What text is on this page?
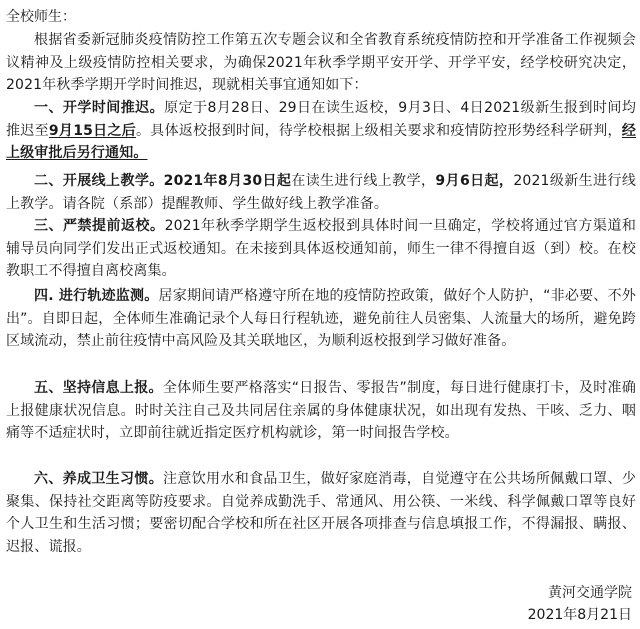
全校师生：
根据省委新冠肺炎疫情防控工作第五次专题会议和全省教育系统疫情防控和开学准备工作视频会议精神及上级疫情防控相关要求，为确保2021年秋季学期平安开学、开学平安，经学校研究决定，2021年秋季学期开学时间推迟，现就相关事宜通知如下：
一、开学时间推迟。原定于8月28日、29日在读生返校，9月3日、4日2021级新生报到时间均推迟至9月15日之后。具体返校报到时间，待学校根据上级相关要求和疫情防控形势经科学研判，经上级审批后另行通知。
二、开展线上教学。2021年8月30日起在读生进行线上教学，9月6日起，2021级新生进行线上教学。请各院（系部）提醒教师、学生做好线上教学准备。
三、严禁提前返校。2021年秋季学期学生返校报到具体时间一旦确定，学校将通过官方渠道和辅导员向同学们发出正式返校通知。在未接到具体返校通知前，师生一律不得擅自返（到）校。在校教职工不得擅自离校离集。
四. 进行轨迹监测。居家期间请严格遵守所在地的疫情防控政策，做好个人防护，“非必要、不外出”。自即日起，全体师生准确记录个人每日行程轨迹，避免前往人员密集、人流量大的场所，避免跨区域流动，禁止前往疫情中高风险及其关联地区，为顺利返校报到学习做好准备。
五、坚持信息上报。全体师生要严格落实“日报告、零报告”制度，每日进行健康打卡，及时准确上报健康状况信息。时时关注自己及共同居住亲属的身体健康状况，如出现有发热、干咳、乏力、咽痛等不适症状时，立即前往就近指定医疗机构就诊，第一时间报告学校。
六、养成卫生习惯。注意饮用水和食品卫生，做好家庭消毒，自觉遵守在公共场所佩戴口罩、少聚集、保持社交距离等防疫要求。自觉养成勤洗手、常通风、用公筷、一米线、科学佩戴口罩等良好个人卫生和生活习惯；要密切配合学校和所在社区开展各项排查与信息填报工作，不得漏报、瞒报、迟报、谎报。
黄河交通学院
2021年8月21日
